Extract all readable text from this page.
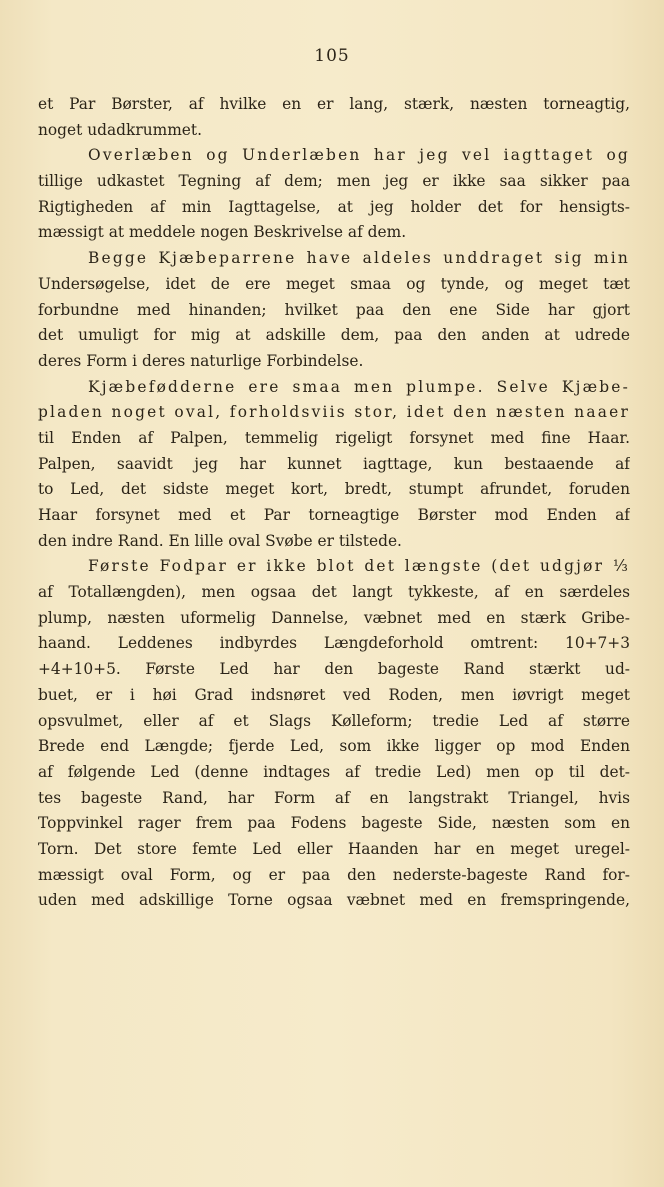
105
et Par Børster, af hvilke en er lang, stærk, næsten torneagtig,
noget udadkrummet.
Overlæben og Underlæben har jeg vel iagttaget og
tillige udkastet Tegning af dem; men jeg er ikke saa sikker paa
Rigtigheden af min Iagttagelse, at jeg holder det for hensigts-
mæssigt at meddele nogen Beskrivelse af dem.
Begge Kjæbeparrene have aldeles unddraget sig min
Undersøgelse, idet de ere meget smaa og tynde, og meget tæt
forbundne med hinanden; hvilket paa den ene Side har gjort
det umuligt for mig at adskille dem, paa den anden at udrede
deres Form i deres naturlige Forbindelse.
Kjæbefødderne ere smaa men plumpe. Selve Kjæbe-
pladen noget oval, forholdsviis stor, idet den næsten naaer
til Enden af Palpen, temmelig rigeligt forsynet med fine Haar.
Palpen, saavidt jeg har kunnet iagttage, kun bestaaende af
to Led, det sidste meget kort, bredt, stumpt afrundet, foruden
Haar forsynet med et Par torneagtige Børster mod Enden af
den indre Rand. En lille oval Svøbe er tilstede.
Første Fodpar er ikke blot det længste (det udgjør ⅓
af Totallængden), men ogsaa det langt tykkeste, af en særdeles
plump, næsten uformelig Dannelse, væbnet med en stærk Gribe-
haand. Leddenes indbyrdes Længdeforhold omtrent: 10+7+3
+4+10+5. Første Led har den bageste Rand stærkt ud-
buet, er i høi Grad indsnøret ved Roden, men iøvrigt meget
opsvulmet, eller af et Slags Kølleform; tredie Led af større
Brede end Længde; fjerde Led, som ikke ligger op mod Enden
af følgende Led (denne indtages af tredie Led) men op til det-
tes bageste Rand, har Form af en langstrakt Triangel, hvis
Toppvinkel rager frem paa Fodens bageste Side, næsten som en
Torn. Det store femte Led eller Haanden har en meget uregel-
mæssigt oval Form, og er paa den nederste-bageste Rand for-
uden med adskillige Torne ogsaa væbnet med en fremspringende,
